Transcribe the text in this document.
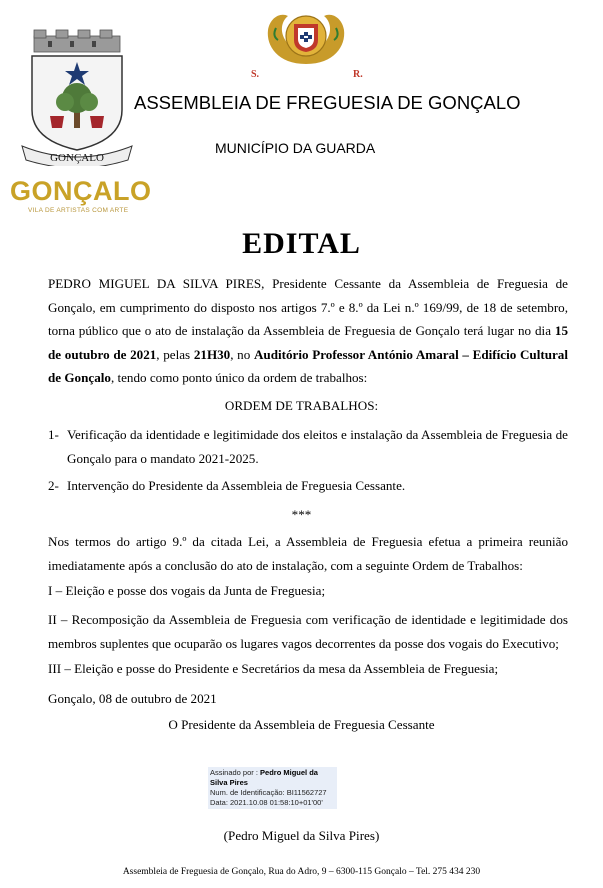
GONÇALO
S.	R.
GONÇALO
VILA DE ARTISTAS COM ARTE
ASSEMBLEIA DE FREGUESIA DE GONÇALO
MUNICÍPIO DA GUARDA
EDITAL
PEDRO MIGUEL DA SILVA PIRES, Presidente Cessante da Assembleia de Freguesia de Gonçalo, em cumprimento do disposto nos artigos 7.º e 8.º da Lei n.º 169/99, de 18 de setembro, torna público que o ato de instalação da Assembleia de Freguesia de Gonçalo terá lugar no dia 15 de outubro de 2021, pelas 21H30, no Auditório Professor António Amaral – Edifício Cultural de Gonçalo, tendo como ponto único da ordem de trabalhos:
ORDEM DE TRABALHOS:
1- Verificação da identidade e legitimidade dos eleitos e instalação da Assembleia de Freguesia de Gonçalo para o mandato 2021-2025.
2- Intervenção do Presidente da Assembleia de Freguesia Cessante.
***
Nos termos do artigo 9.º da citada Lei, a Assembleia de Freguesia efetua a primeira reunião imediatamente após a conclusão do ato de instalação, com a seguinte Ordem de Trabalhos:
I – Eleição e posse dos vogais da Junta de Freguesia;
II – Recomposição da Assembleia de Freguesia com verificação de identidade e legitimidade dos membros suplentes que ocuparão os lugares vagos decorrentes da posse dos vogais do Executivo;
III – Eleição e posse do Presidente e Secretários da mesa da Assembleia de Freguesia;
Gonçalo, 08 de outubro de 2021
O Presidente da Assembleia de Freguesia Cessante
Assinado por : Pedro Miguel da Silva Pires
Num. de Identificação: BI11562727
Data: 2021.10.08 01:58:10+01'00'
(Pedro Miguel da Silva Pires)
Assembleia de Freguesia de Gonçalo, Rua do Adro, 9 – 6300-115 Gonçalo – Tel. 275 434 230
